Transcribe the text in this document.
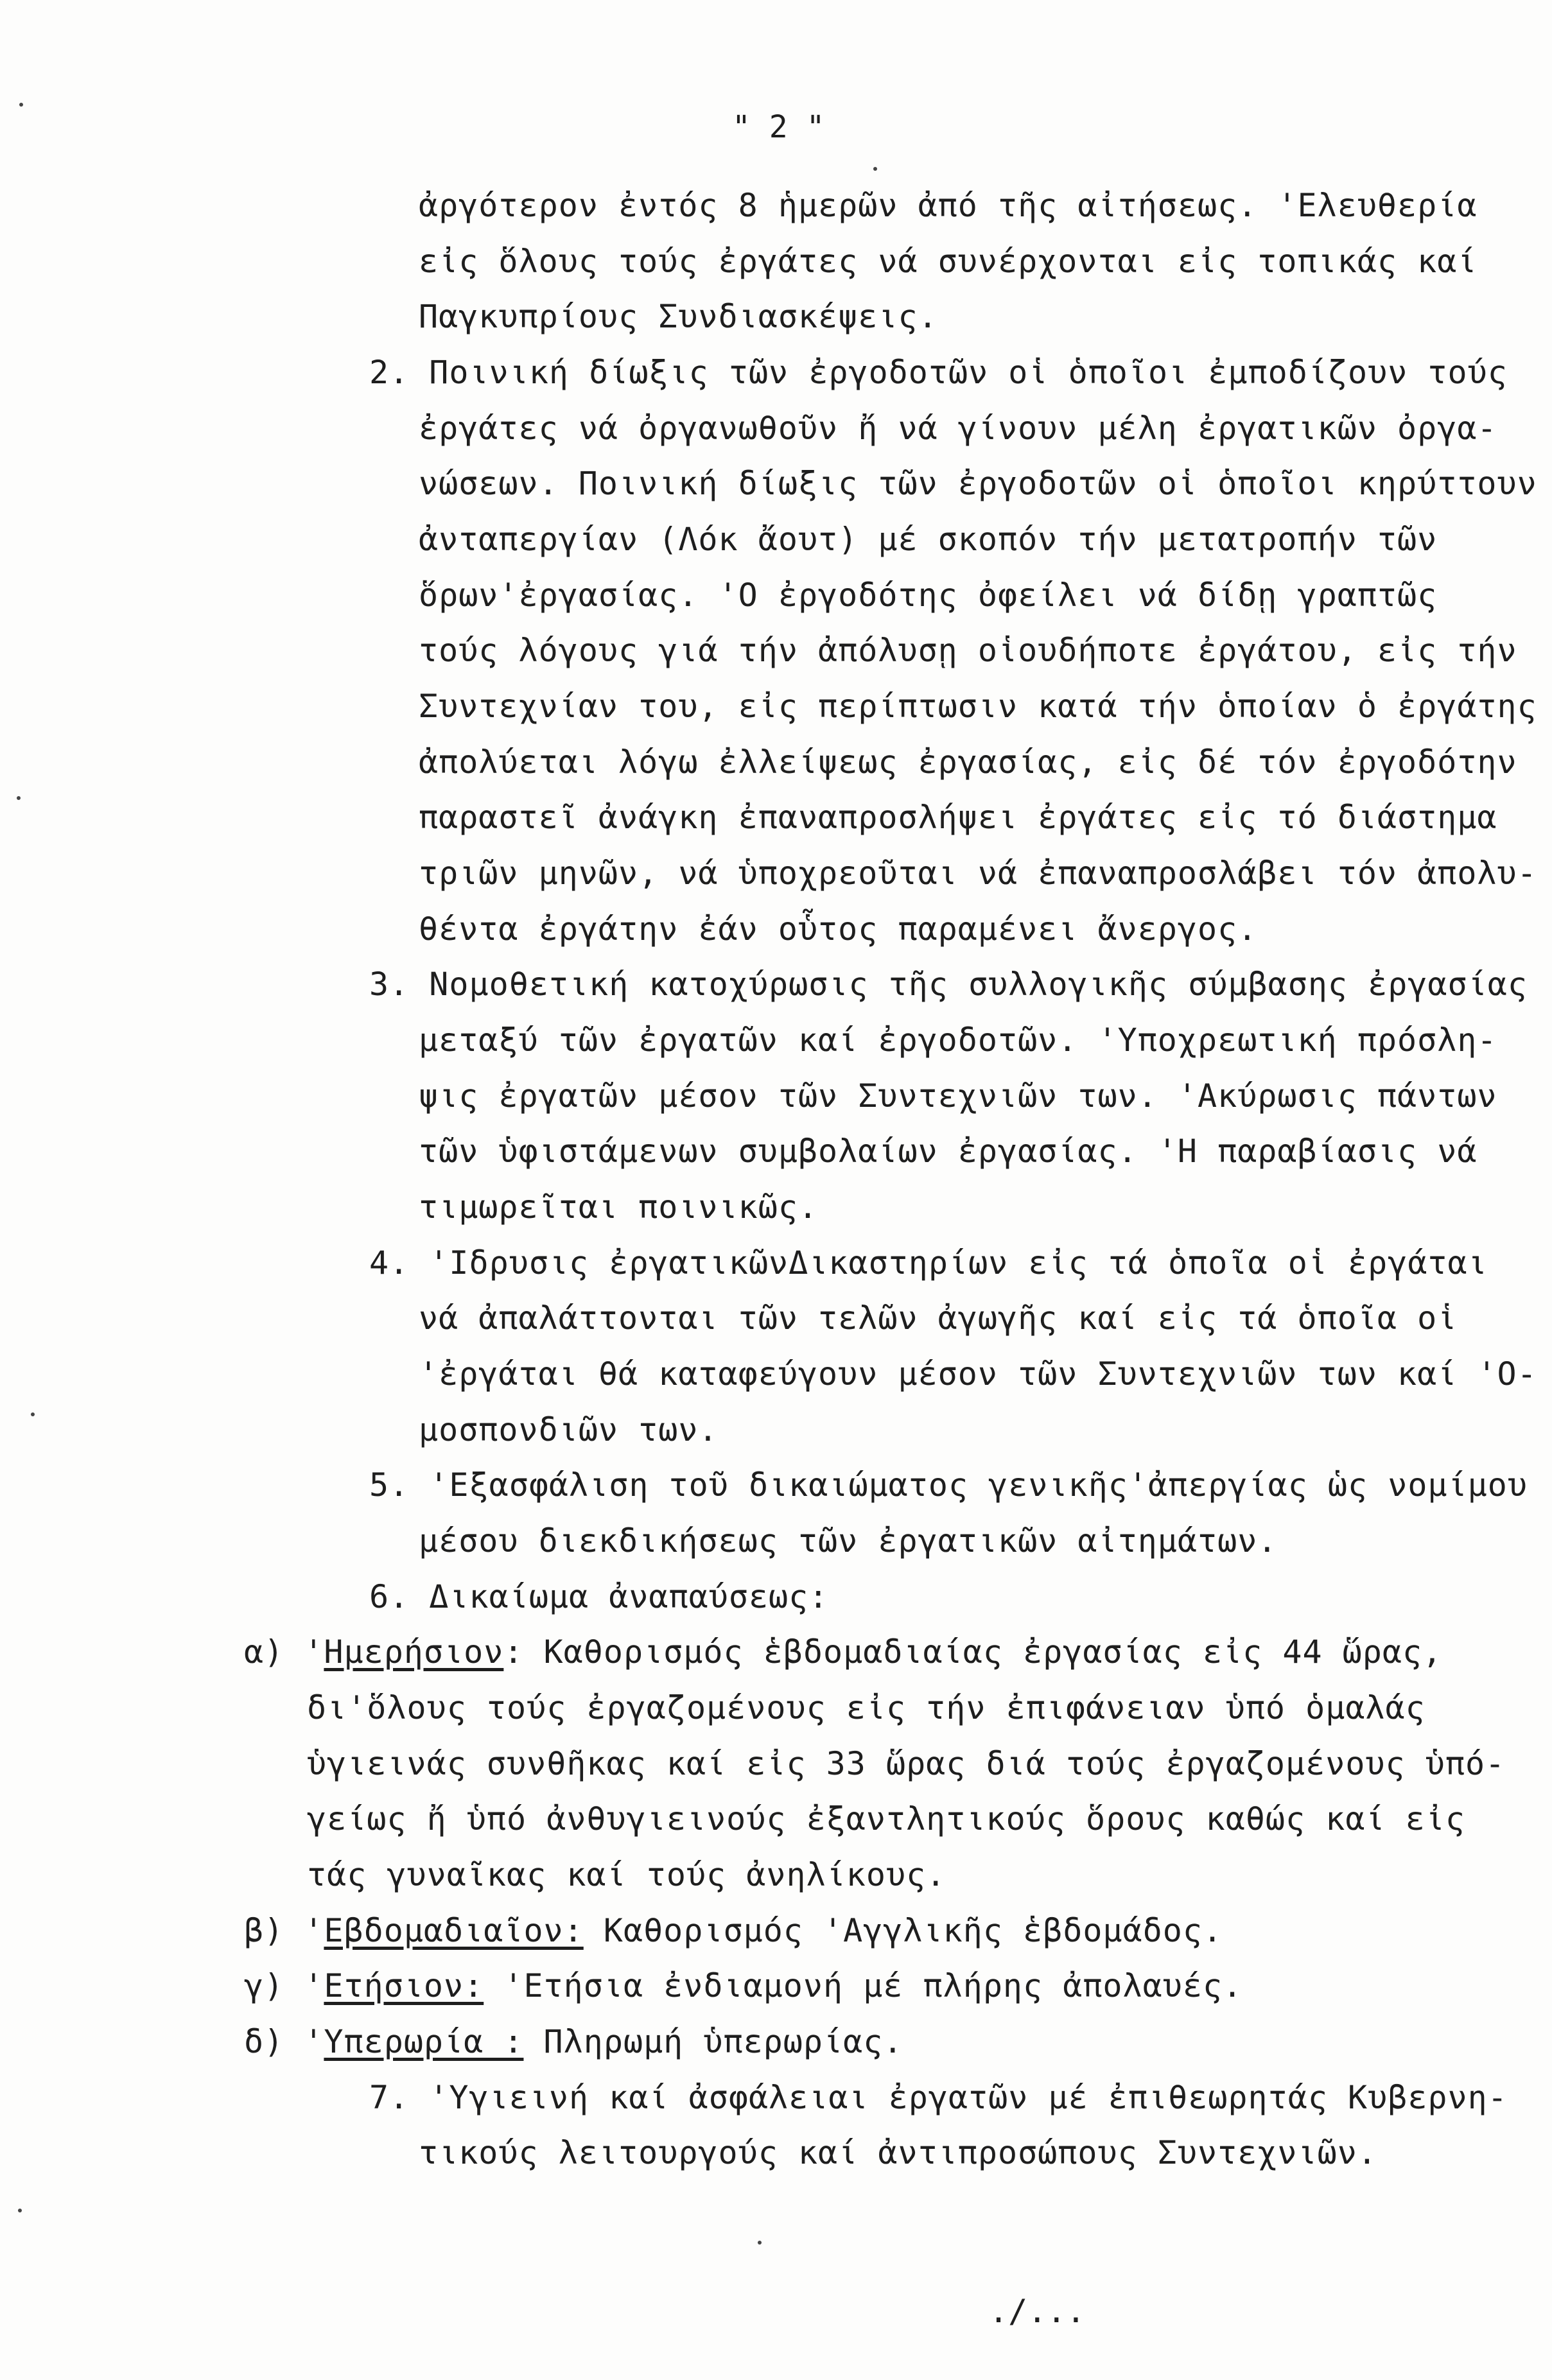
" 2 "
ἀργότερον ἐντός 8 ἡμερῶν ἀπό τῆς αἰτήσεως. 'Ελευθερία
εἰς ὅλους τούς ἐργάτες νά συνέρχονται εἰς τοπικάς καί
Παγκυπρίους Συνδιασκέψεις.
2. Ποινική δίωξις τῶν ἐργοδοτῶν οἱ ὁποῖοι ἐμποδίζουν τούς
ἐργάτες νά ὀργανωθοῦν ἤ νά γίνουν μέλη ἐργατικῶν ὀργα-
νώσεων. Ποινική δίωξις τῶν ἐργοδοτῶν οἱ ὁποῖοι κηρύττουν
ἀνταπεργίαν (Λόκ ἄουτ) μέ σκοπόν τήν μετατροπήν τῶν
ὅρων'ἐργασίας. 'Ο ἐργοδότης ὀφείλει νά δίδῃ γραπτῶς
τούς λόγους γιά τήν ἀπόλυσῃ οἱουδήποτε ἐργάτου, εἰς τήν
Συντεχνίαν του, εἰς περίπτωσιν κατά τήν ὁποίαν ὁ ἐργάτης
ἀπολύεται λόγω ἐλλείψεως ἐργασίας, εἰς δέ τόν ἐργοδότην
παραστεῖ ἀνάγκη ἐπαναπροσλήψει ἐργάτες εἰς τό διάστημα
τριῶν μηνῶν, νά ὑποχρεοῦται νά ἐπαναπροσλάβει τόν ἀπολυ-
θέντα ἐργάτην ἐάν οὗτος παραμένει ἄνεργος.
3. Νομοθετική κατοχύρωσις τῆς συλλογικῆς σύμβασης ἐργασίας
μεταξύ τῶν ἐργατῶν καί ἐργοδοτῶν. 'Υποχρεωτική πρόσλη-
ψις ἐργατῶν μέσον τῶν Συντεχνιῶν των. 'Ακύρωσις πάντων
τῶν ὑφιστάμενων συμβολαίων ἐργασίας. 'Η παραβίασις νά
τιμωρεῖται ποινικῶς.
4. 'Ιδρυσις ἐργατικῶνΔικαστηρίων εἰς τά ὁποῖα οἱ ἐργάται
νά ἀπαλάττονται τῶν τελῶν ἀγωγῆς καί εἰς τά ὁποῖα οἱ
'ἐργάται θά καταφεύγουν μέσον τῶν Συντεχνιῶν των καί 'Ο-
μοσπονδιῶν των.
5. 'Εξασφάλιση τοῦ δικαιώματος γενικῆς'ἀπεργίας ὡς νομίμου
μέσου διεκδικήσεως τῶν ἐργατικῶν αἰτημάτων.
6. Δικαίωμα ἀναπαύσεως:
α) 'Ημερήσιον: Καθορισμός ἑβδομαδιαίας ἐργασίας εἰς 44 ὥρας,
δι'ὅλους τούς ἐργαζομένους εἰς τήν ἐπιφάνειαν ὑπό ὁμαλάς
ὑγιεινάς συνθῆκας καί εἰς 33 ὥρας διά τούς ἐργαζομένους ὑπό-
γείως ἤ ὑπό ἀνθυγιεινούς ἐξαντλητικούς ὅρους καθώς καί εἰς
τάς γυναῖκας καί τούς ἀνηλίκους.
β) 'Εβδομαδιαῖον: Καθορισμός 'Αγγλικῆς ἑβδομάδος.
γ) 'Ετήσιον: 'Ετήσια ἐνδιαμονή μέ πλήρης ἀπολαυές.
δ) 'Υπερωρία : Πληρωμή ὑπερωρίας.
7. 'Υγιεινή καί ἀσφάλειαι ἐργατῶν μέ ἐπιθεωρητάς Κυβερνη-
τικούς λειτουργούς καί ἀντιπροσώπους Συντεχνιῶν.
./...
